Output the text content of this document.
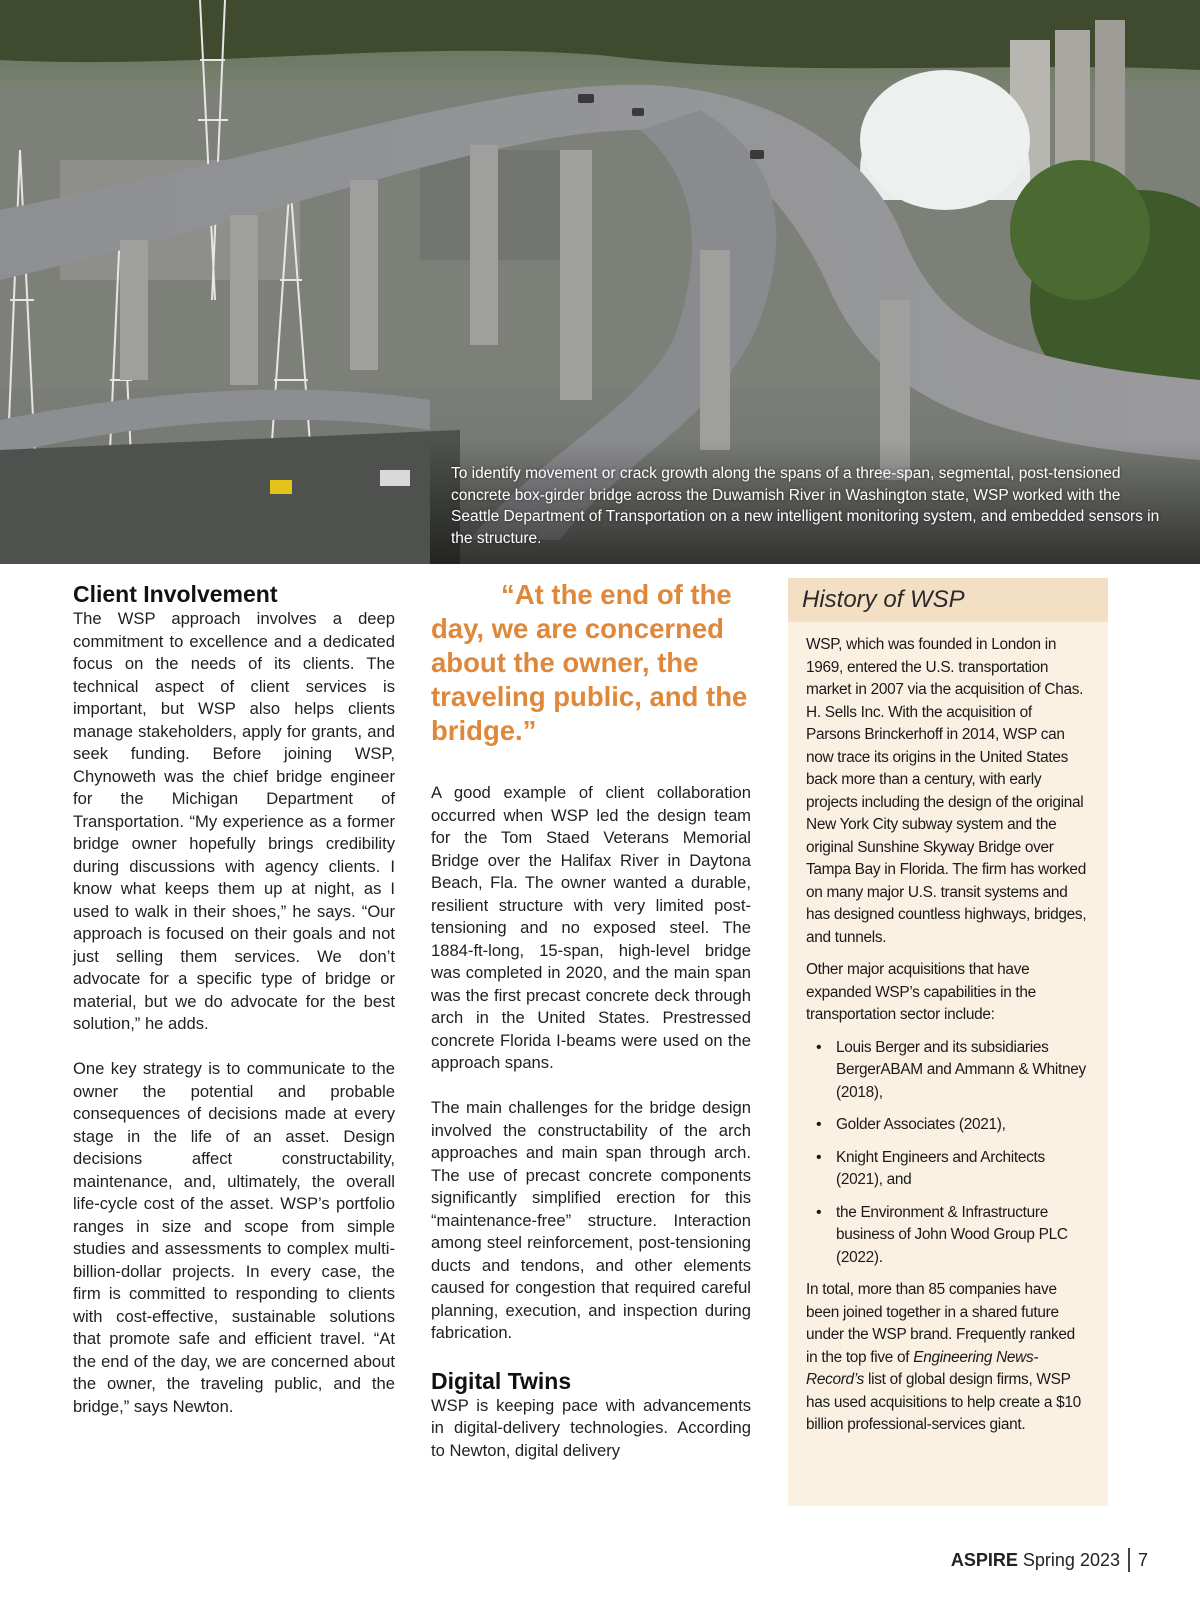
To identify movement or crack growth along the spans of a three-span, segmental, post-tensioned concrete box-girder bridge across the Duwamish River in Washington state, WSP worked with the Seattle Department of Transportation on a new intelligent monitoring system, and embedded sensors in the structure.
Client Involvement

The WSP approach involves a deep commitment to excellence and a dedicated focus on the needs of its clients. The technical aspect of client services is important, but WSP also helps clients manage stakeholders, apply for grants, and seek funding. Before joining WSP, Chynoweth was the chief bridge engineer for the Michigan Department of Transportation. “My experience as a former bridge owner hopefully brings credibility during discussions with agency clients. I know what keeps them up at night, as I used to walk in their shoes,” he says. “Our approach is focused on their goals and not just selling them services. We don’t advocate for a specific type of bridge or material, but we do advocate for the best solution,” he adds.

One key strategy is to communicate to the owner the potential and probable consequences of decisions made at every stage in the life of an asset. Design decisions affect constructability, maintenance, and, ultimately, the overall life-cycle cost of the asset. WSP’s portfolio ranges in size and scope from simple studies and assessments to complex multi-billion-dollar projects. In every case, the firm is committed to responding to clients with cost-effective, sustainable solutions that promote safe and efficient travel. “At the end of the day, we are concerned about the owner, the traveling public, and the bridge,” says Newton.

“At the end of the day, we are concerned about the owner, the traveling public, and the bridge.”

A good example of client collaboration occurred when WSP led the design team for the Tom Staed Veterans Memorial Bridge over the Halifax River in Daytona Beach, Fla. The owner wanted a durable, resilient structure with very limited post-tensioning and no exposed steel. The 1884-ft-long, 15-span, high-level bridge was completed in 2020, and the main span was the first precast concrete deck through arch in the United States. Prestressed concrete Florida I-beams were used on the approach spans.

The main challenges for the bridge design involved the constructability of the arch approaches and main span through arch. The use of precast concrete components significantly simplified erection for this “maintenance-free” structure. Interaction among steel reinforcement, post-tensioning ducts and tendons, and other elements caused for congestion that required careful planning, execution, and inspection during fabrication.

Digital Twins

WSP is keeping pace with advancements in digital-delivery technologies. According to Newton, digital delivery

History of WSP

WSP, which was founded in London in 1969, entered the U.S. transportation market in 2007 via the acquisition of Chas. H. Sells Inc. With the acquisition of Parsons Brinckerhoff in 2014, WSP can now trace its origins in the United States back more than a century, with early projects including the design of the original New York City subway system and the original Sunshine Skyway Bridge over Tampa Bay in Florida. The firm has worked on many major U.S. transit systems and has designed countless highways, bridges, and tunnels.

Other major acquisitions that have expanded WSP’s capabilities in the transportation sector include:

• Louis Berger and its subsidiaries BergerABAM and Ammann & Whitney (2018),
• Golder Associates (2021),
• Knight Engineers and Architects (2021), and
• the Environment & Infrastructure business of John Wood Group PLC (2022).

In total, more than 85 companies have been joined together in a shared future under the WSP brand. Frequently ranked in the top five of Engineering News-Record’s list of global design firms, WSP has used acquisitions to help create a $10 billion professional-services giant.

ASPIRE Spring 2023 7
